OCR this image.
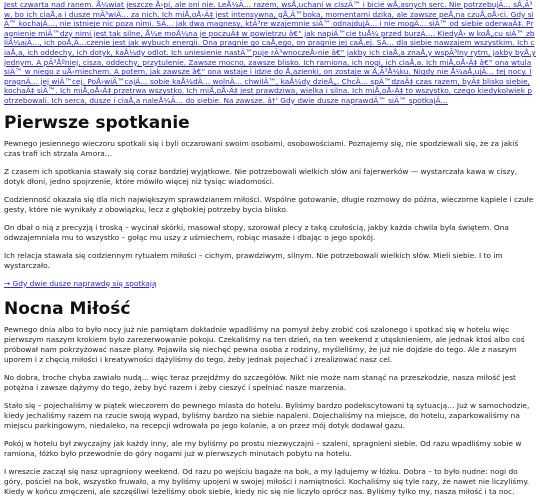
Jest czwarta nad ranem. Å¼wiat jeszcze Å›pi, ale oni nie. LeÅ¼Ä… razem, wsÅ‚uchani w ciszÄ™ i bicie wÅ‚asnych serc. Nie potrzebujÄ… sÅ‚Ã³w, bo ich ciaÅ‚a i dusze mÃ³wiÄ… za nich. Ich miÅ‚oÅ›Ä‡ jest intensywna, gÅ‚Ä™boka, momentami dzika, ale zawsze peÅ‚na czuÅ‚oÅ›ci. Gdy siÄ™ kochajÄ…, nie istnieje nic poza nimi. SÄ… jak dwa magnesy, ktÃ³re wzajemnie siÄ™ odnajdujÄ… i nie mogÄ… siÄ™ od siebie oderwaÄ‡. Pragnienie miÄ™dzy nimi jest tak silne, Å¼e moÅ¼na je poczuÄ‡ w powietrzu â€“ jak napiÄ™cie tuÅ¼ przed burzÄ…. KiedyÅ› w koÅ„cu siÄ™ zbliÅ¼ajÄ…, ich poÅ‚Ä…czenie jest jak wybuch energii. Ona pragnie go caÅ‚ego, on pragnie jej caÅ‚ej. SÄ… dla siebie nawzajem wszystkim. Ich ciaÅ‚a, ich oddechy, ich dotyk, kaÅ¼dy odlot. Ich uniesienie nastÄ™puje rÃ³wnoczeÅ›nie â€“ jakby ich ciaÅ‚a znaÅ‚y wspÃ³lny rytm, jakby byÅ‚y jednym. A pÃ³Åºniej, cisza, oddechy, przytulenie. Zawsze mocno, zawsze blisko. Ich ramiona, ich nogi, ich ciaÅ‚a. Ich miÅ‚oÅ›Ä‡ â€“ ona wtula siÄ™ w niego z uÅ›miechem. A potem, jak zawsze â€“ ona wstaje i idzie do Å‚azienki, on zostaje w Å‚Ã³Å¼ku. Nigdy nie Å¼aÅ‚ujÄ… tej nocy. I pragnÄ… jej wiÄ™cej. PoÅ›wiÄ™cajÄ… sobie kaÅ¼dÄ… wolnÄ… chwilÄ™, kaÅ¼dy dzieÅ„. ChcÄ… spÄ™dzaÄ‡ czas razem, byÄ‡ blisko siebie, kochaÄ‡ siÄ™. Ich miÅ‚oÅ›Ä‡ przetrwa wszystko. Ich miÅ‚oÅ›Ä‡ jest prawdziwa, wielka i silna. Ich miÅ‚oÅ›Ä‡ to wszystko, czego kiedykolwiek potrzebowali. Ich serca, dusze i ciaÅ‚a naleÅ¼Ä… do siebie. Na zawsze. â†’ Gdy dwie dusze naprawdÄ™ siÄ™ spotkajÄ…

Pierwsze spotkanie

Pewnego jesiennego wieczoru spotkali się i byli oczarowani swoim osobami, osobowościami. Poznajemy się, nie spodziewali się, że za jakiś czas trafi ich strzała Amora…

Z czasem ich spotkania stawały się coraz bardziej wyjątkowe. Nie potrzebowali wielkich słów ani fajerwerków — wystarczała kawa w ciszy, dotyk dłoni, jedno spojrzenie, które mówiło więcej niż tysiąc wiadomości.

Codzienność okazała się dla nich największym sprawdzianem miłości. Wspólne gotowanie, długie rozmowy do późna, wieczorne kąpiele i czułe gesty, które nie wynikały z obowiązku, lecz z głębokiej potrzeby bycia blisko.

On dbał o nią z precyzją i troską – wycinał skórki, masował stopy, szorował plecy z taką czułością, jakby każda chwila była świętem. Ona odwzajemniała mu to wszystko – gołąc mu uszy z uśmiechem, robiąc masaże i dbając o jego spokój.

Ich relacja stawała się codziennym rytuałem miłości – cichym, prawdziwym, silnym. Nie potrzebowali wielkich słów. Mieli siebie. I to im wystarczało.

→ Gdy dwie dusze naprawdę się spotkają

Nocna Miłość

Pewnego dnia albo to było nocy już nie pamiętam dokładnie wpadliśmy na pomysł żeby zrobić coś szalonego i spotkać się w hotelu więc pierwszym naszym krokiem było zarezerwowanie pokoju. Czekaliśmy na ten dzień, na ten weekend z utęsknieniem, ale jednak ktoś albo coś próbował nam pokrzyżować nasze plany. Pojawiła się niechęć pewna osoba z rodziny, myśleliśmy, że już nie dojdzie do tego. Ale z naszym uporem i z chęcią miłości i kreatywności dążyliśmy do tego, żeby jednak pojechać i zrealizować nasz cel.

No dobra, troche chyba zawiało nudą... więc teraz przejdźmy do szczegółów. Nikt nie może nam stanąć na przeszkodzie, nasza miłość jest potężna i zawsze dążymy do tego, żeby być razem i żeby cieszyć i spełniać nasze marzenia.

Stało się – pojechaliśmy w piątek wieczorem do pewnego miasta do hotelu. Byliśmy bardzo podekscytowani tą sytuacją… Już w samochodzie, kiedy jechaliśmy razem na rzucie swoją wypad, byliśmy bardzo na siebie napaleni. Dojechaliśmy na miejsce, do hotelu, zaparkowaliśmy na miejscu parkingowym, niedaleko, na recepcji wdrowała po jego kolanie, a on przez mój dotyk dodawał gazu.

Pokój w hotelu był zwyczajny jak każdy inny, ale my byliśmy po prostu niezwyczajni – szaleni, spragnieni siebie. Od razu wpadliśmy sobie w ramiona, łóżko było przewodnie do góry nogami już w pierwszych minutach pobytu na hotelu.

I wreszcie zaczął się nasz upragniony weekend. Od razu po wejściu bagaże na bok, a my lądujemy w łóżku. Dobra – to było nudne: nogi do góry, pościel na bok, wszystko fruwało, a my byliśmy upojeni w swojej miłości i namiętności. Kochaliśmy się tyle razy, że nawet nie liczyliśmy. Kiedy w końcu zmęczeni, ale szczęśliwi leżeliśmy obok siebie, kiedy nic się nie liczyło oprócz nas. Byliśmy tylko my, nasza miłość i ta noc.
